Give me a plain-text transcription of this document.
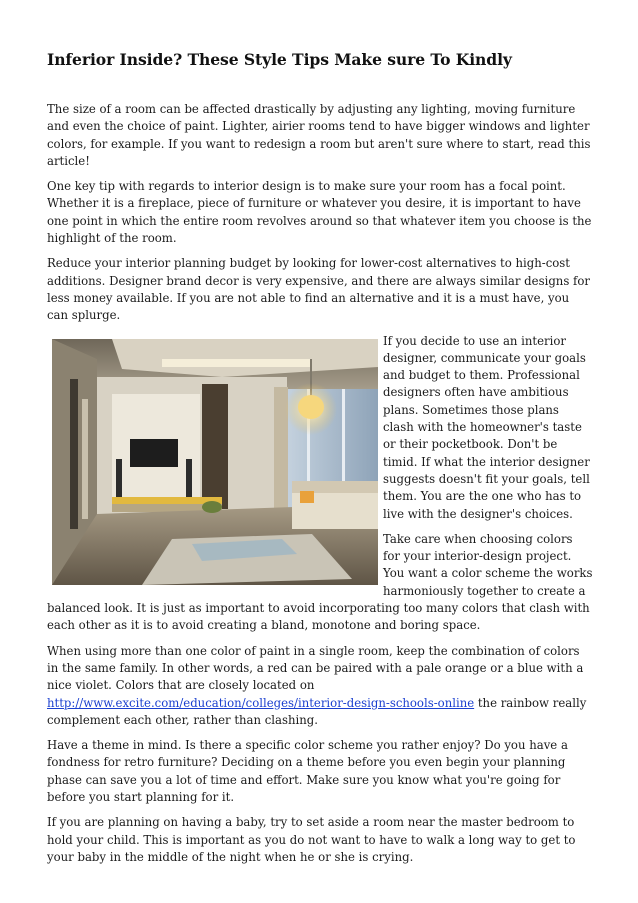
Inferior Inside? These Style Tips Make sure To Kindly

The size of a room can be affected drastically by adjusting any lighting, moving furniture and even the choice of paint. Lighter, airier rooms tend to have bigger windows and lighter colors, for example. If you want to redesign a room but aren't sure where to start, read this article!

One key tip with regards to interior design is to make sure your room has a focal point. Whether it is a fireplace, piece of furniture or whatever you desire, it is important to have one point in which the entire room revolves around so that whatever item you choose is the highlight of the room.

Reduce your interior planning budget by looking for lower-cost alternatives to high-cost additions. Designer brand decor is very expensive, and there are always similar designs for less money available. If you are not able to find an alternative and it is a must have, you can splurge.

If you decide to use an interior designer, communicate your goals and budget to them. Professional designers often have ambitious plans. Sometimes those plans clash with the homeowner's taste or their pocketbook. Don't be timid. If what the interior designer suggests doesn't fit your goals, tell them. You are the one who has to live with the designer's choices.

Take care when choosing colors for your interior-design project. You want a color scheme the works harmoniously together to create a balanced look. It is just as important to avoid incorporating too many colors that clash with each other as it is to avoid creating a bland, monotone and boring space.

When using more than one color of paint in a single room, keep the combination of colors in the same family. In other words, a red can be paired with a pale orange or a blue with a nice violet. Colors that are closely located on http://www.excite.com/education/colleges/interior-design-schools-online the rainbow really complement each other, rather than clashing.

Have a theme in mind. Is there a specific color scheme you rather enjoy? Do you have a fondness for retro furniture? Deciding on a theme before you even begin your planning phase can save you a lot of time and effort. Make sure you know what you're going for before you start planning for it.

If you are planning on having a baby, try to set aside a room near the master bedroom to hold your child. This is important as you do not want to have to walk a long way to get to your baby in the middle of the night when he or she is crying.
